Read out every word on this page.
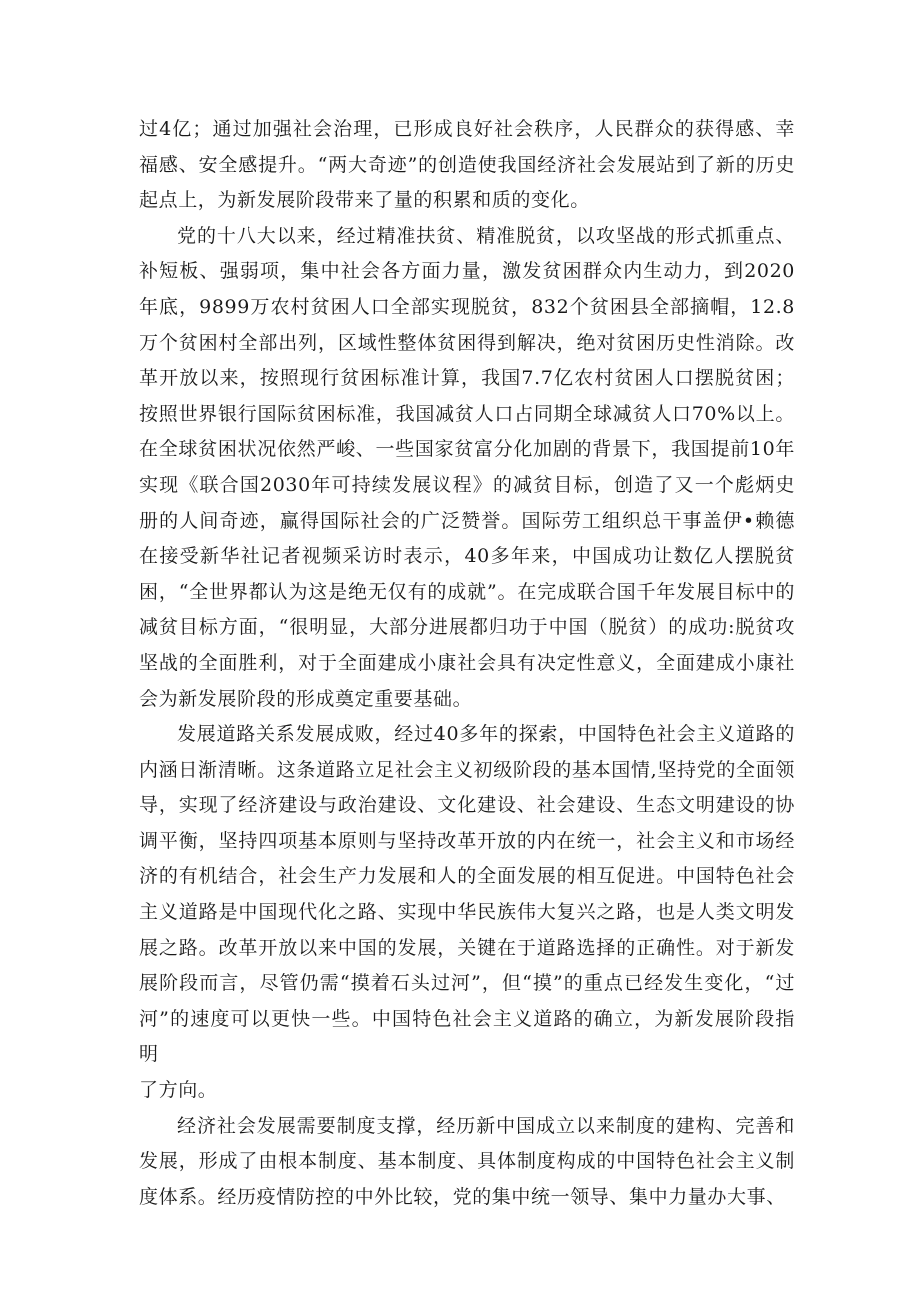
过4亿；通过加强社会治理，已形成良好社会秩序，人民群众的获得感、幸福感、安全感提升。“两大奇迹”的创造使我国经济社会发展站到了新的历史起点上，为新发展阶段带来了量的积累和质的变化。

党的十八大以来，经过精准扶贫、精准脱贫，以攻坚战的形式抓重点、补短板、强弱项，集中社会各方面力量，激发贫困群众内生动力，到2020年底，9899万农村贫困人口全部实现脱贫，832个贫困县全部摘帽，12.8万个贫困村全部出列，区域性整体贫困得到解决，绝对贫困历史性消除。改革开放以来，按照现行贫困标准计算，我国7.7亿农村贫困人口摆脱贫困；按照世界银行国际贫困标准，我国减贫人口占同期全球减贫人口70%以上。在全球贫困状况依然严峻、一些国家贫富分化加剧的背景下，我国提前10年实现《联合国2030年可持续发展议程》的减贫目标，创造了又一个彪炳史册的人间奇迹，赢得国际社会的广泛赞誉。国际劳工组织总干事盖伊•赖德在接受新华社记者视频采访时表示，40多年来，中国成功让数亿人摆脱贫困，“全世界都认为这是绝无仅有的成就”。在完成联合国千年发展目标中的减贫目标方面，“很明显，大部分进展都归功于中国（脱贫）的成功:脱贫攻坚战的全面胜利，对于全面建成小康社会具有决定性意义，全面建成小康社会为新发展阶段的形成奠定重要基础。

发展道路关系发展成败，经过40多年的探索，中国特色社会主义道路的内涵日渐清晰。这条道路立足社会主义初级阶段的基本国情,坚持党的全面领导，实现了经济建设与政治建设、文化建设、社会建设、生态文明建设的协调平衡，坚持四项基本原则与坚持改革开放的内在统一，社会主义和市场经济的有机结合，社会生产力发展和人的全面发展的相互促进。中国特色社会主义道路是中国现代化之路、实现中华民族伟大复兴之路，也是人类文明发展之路。改革开放以来中国的发展，关键在于道路选择的正确性。对于新发展阶段而言，尽管仍需“摸着石头过河”，但“摸”的重点已经发生变化，“过河”的速度可以更快一些。中国特色社会主义道路的确立，为新发展阶段指明

了方向。

经济社会发展需要制度支撑，经历新中国成立以来制度的建构、完善和发展，形成了由根本制度、基本制度、具体制度构成的中国特色社会主义制度体系。经历疫情防控的中外比较，党的集中统一领导、集中力量办大事、
